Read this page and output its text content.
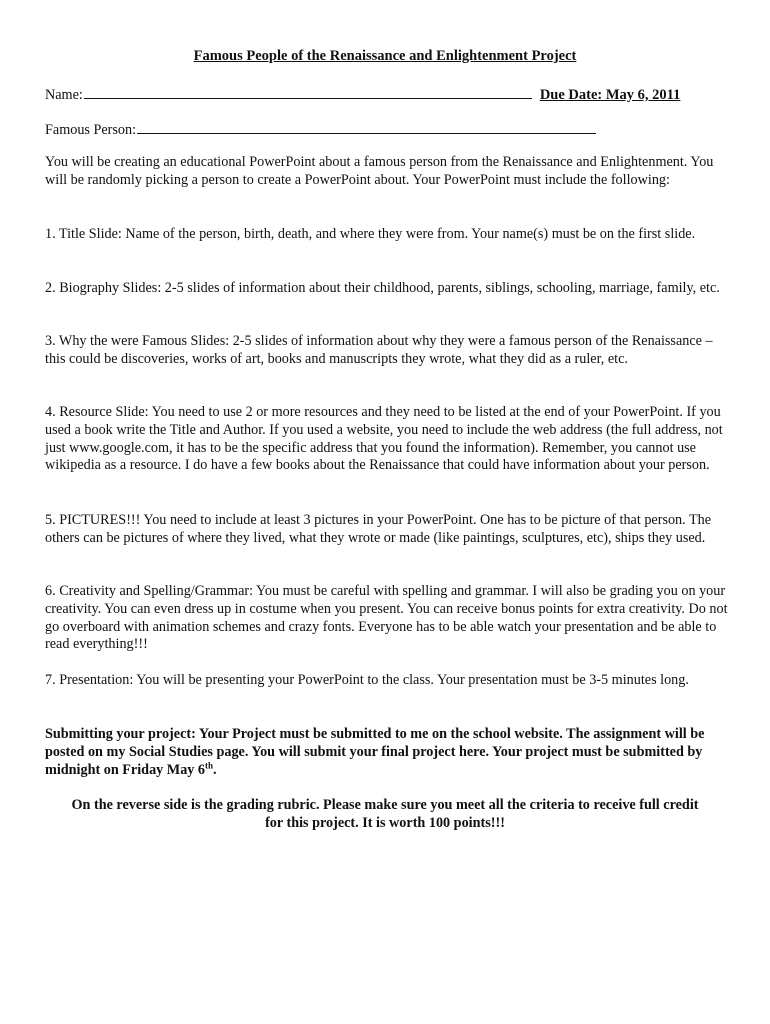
Famous People of the Renaissance and Enlightenment Project
Name:	Due Date: May 6, 2011
Famous Person:

You will be creating an educational PowerPoint about a famous person from the Renaissance and Enlightenment. You will be randomly picking a person to create a PowerPoint about. Your PowerPoint must include the following:

1. Title Slide: Name of the person, birth, death, and where they were from. Your name(s) must be on the first slide.

2. Biography Slides: 2-5 slides of information about their childhood, parents, siblings, schooling, marriage, family, etc.

3. Why the were Famous Slides: 2-5 slides of information about why they were a famous person of the Renaissance – this could be discoveries, works of art, books and manuscripts they wrote, what they did as a ruler, etc.

4. Resource Slide: You need to use 2 or more resources and they need to be listed at the end of your PowerPoint. If you used a book write the Title and Author. If you used a website, you need to include the web address (the full address, not just www.google.com, it has to be the specific address that you found the information). Remember, you cannot use wikipedia as a resource. I do have a few books about the Renaissance that could have information about your person.

5. PICTURES!!! You need to include at least 3 pictures in your PowerPoint. One has to be picture of that person. The others can be pictures of where they lived, what they wrote or made (like paintings, sculptures, etc), ships they used.

6. Creativity and Spelling/Grammar: You must be careful with spelling and grammar. I will also be grading you on your creativity. You can even dress up in costume when you present. You can receive bonus points for extra creativity. Do not go overboard with animation schemes and crazy fonts. Everyone has to be able watch your presentation and be able to read everything!!!

7. Presentation: You will be presenting your PowerPoint to the class. Your presentation must be 3-5 minutes long.

Submitting your project: Your Project must be submitted to me on the school website. The assignment will be posted on my Social Studies page. You will submit your final project here. Your project must be submitted by midnight on Friday May 6th.

On the reverse side is the grading rubric. Please make sure you meet all the criteria to receive full credit

for this project. It is worth 100 points!!!
